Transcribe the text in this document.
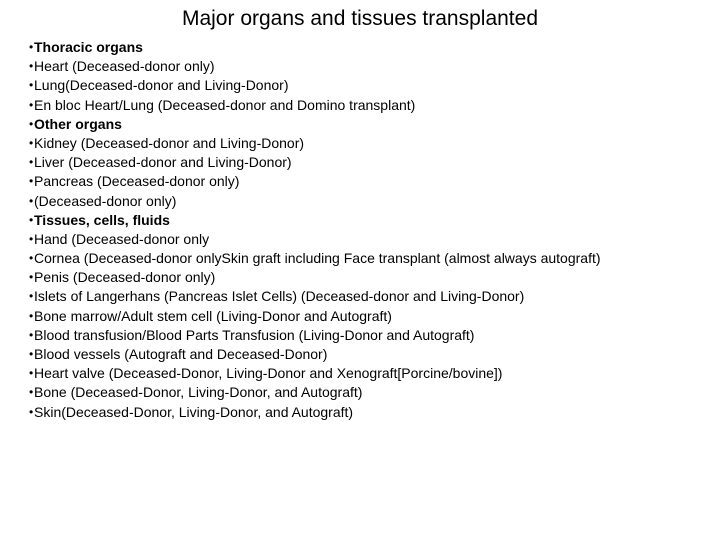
Major organs and tissues transplanted
• Thoracic organs
• Heart (Deceased-donor only)
• Lung(Deceased-donor and Living-Donor)
• En bloc Heart/Lung (Deceased-donor and Domino transplant)
• Other organs
• Kidney (Deceased-donor and Living-Donor)
• Liver (Deceased-donor and Living-Donor)
• Pancreas (Deceased-donor only)
• (Deceased-donor only)
• Tissues, cells, fluids
• Hand (Deceased-donor only
• Cornea (Deceased-donor onlySkin graft including Face transplant (almost always autograft)
• Penis (Deceased-donor only)
• Islets of Langerhans (Pancreas Islet Cells) (Deceased-donor and Living-Donor)
• Bone marrow/Adult stem cell (Living-Donor and Autograft)
• Blood transfusion/Blood Parts Transfusion (Living-Donor and Autograft)
• Blood vessels (Autograft and Deceased-Donor)
• Heart valve (Deceased-Donor, Living-Donor and Xenograft[Porcine/bovine])
• Bone (Deceased-Donor, Living-Donor, and Autograft)
• Skin(Deceased-Donor, Living-Donor, and Autograft)
